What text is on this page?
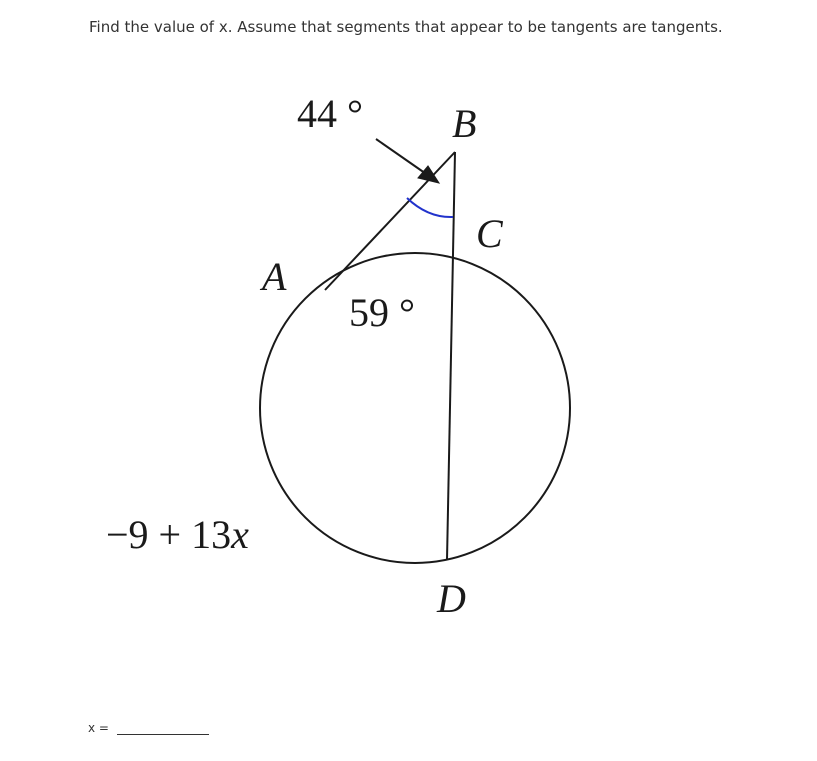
Find the value of x. Assume that segments that appear to be tangents are tangents.
44 ° B
C
A
59 °
−9 + 13x
D
x =
